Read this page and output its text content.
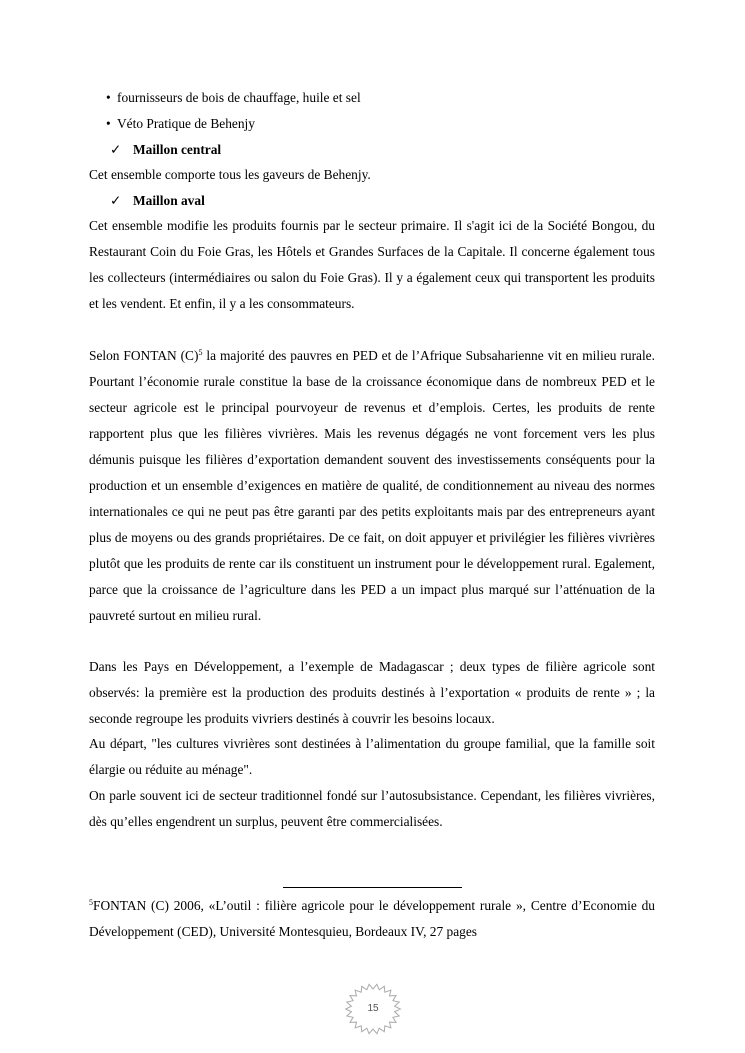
• fournisseurs de bois de chauffage, huile et sel
• Véto Pratique de Behenjy
✓ Maillon central

Cet ensemble comporte tous les gaveurs de Behenjy.

✓ Maillon aval

Cet ensemble modifie les produits fournis par le secteur primaire. Il s'agit ici de la Société Bongou, du Restaurant Coin du Foie Gras, les Hôtels et Grandes Surfaces de la Capitale. Il concerne également tous les collecteurs (intermédiaires ou salon du Foie Gras). Il y a également ceux qui transportent les produits et les vendent. Et enfin, il y a les consommateurs.

Selon FONTAN $(C)^5$ la majorité des pauvres en PED et de l’Afrique Subsaharienne vit en milieu rurale. Pourtant l’économie rurale constitue la base de la croissance économique dans de nombreux PED et le secteur agricole est le principal pourvoyeur de revenus et d’emplois. Certes, les produits de rente rapportent plus que les filières vivrières. Mais les revenus dégagés ne vont forcement vers les plus démunis puisque les filières d’exportation demandent souvent des investissements conséquents pour la production et un ensemble d’exigences en matière de qualité, de conditionnement au niveau des normes internationales ce qui ne peut pas être garanti par des petits exploitants mais par des entrepreneurs ayant plus de moyens ou des grands propriétaires. De ce fait, on doit appuyer et privilégier les filières vivrières plutôt que les produits de rente car ils constituent un instrument pour le développement rural. Egalement, parce que la croissance de l’agriculture dans les PED a un impact plus marqué sur l’atténuation de la pauvreté surtout en milieu rural.

Dans les Pays en Développement, a l’exemple de Madagascar ; deux types de filière agricole sont observés: la première est la production des produits destinés à l’exportation « produits de rente » ; la seconde regroupe les produits vivriers destinés à couvrir les besoins locaux.

Au départ, "les cultures vivrières sont destinées à l’alimentation du groupe familial, que la famille soit élargie ou réduite au ménage".

On parle souvent ici de secteur traditionnel fondé sur l’autosubsistance. Cependant, les filières vivrières, dès qu’elles engendrent un surplus, peuvent être commercialisées.

$^5$FONTAN (C) 2006, «L’outil : filière agricole pour le développement rurale », Centre d’Economie du Développement (CED), Université Montesquieu, Bordeaux IV, 27 pages

15
